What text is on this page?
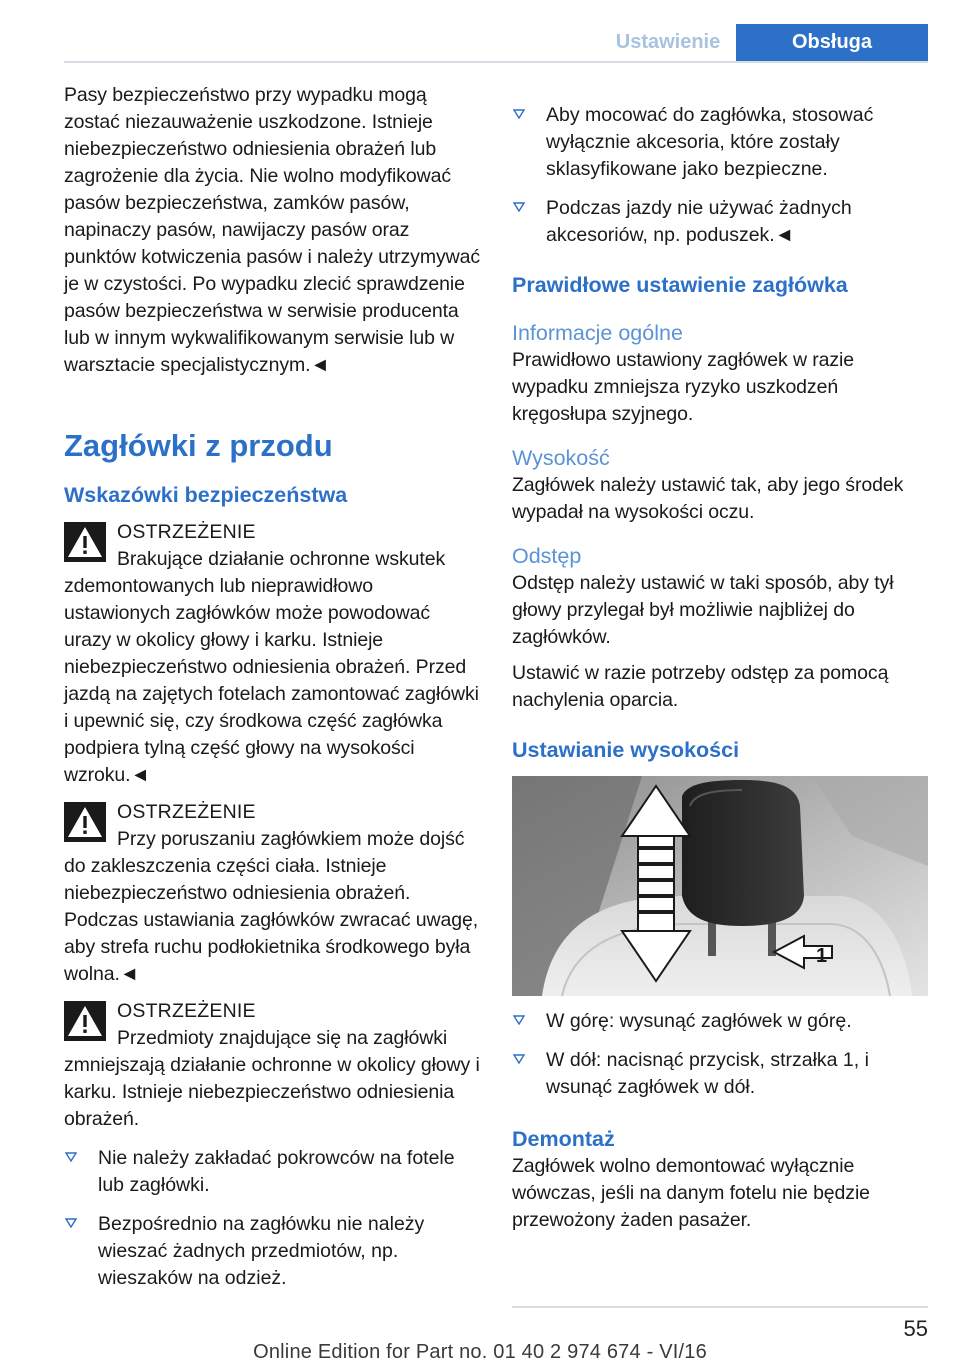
Ustawienie	Obsługa

Pasy bezpieczeństwo przy wypadku mogą zostać niezauważenie uszkodzone. Istnieje niebezpieczeństwo odniesienia obrażeń lub zagrożenie dla życia. Nie wolno modyfikować pasów bezpieczeństwa, zamków pasów, napinaczy pasów, nawijaczy pasów oraz punktów kotwiczenia pasów i należy utrzymywać je w czystości. Po wypadku zlecić sprawdzenie pasów bezpieczeństwa w serwisie producenta lub w innym wykwalifikowanym serwisie lub w warsztacie specjalistycznym.◄

Zagłówki z przodu
Wskazówki bezpieczeństwa
OSTRZEŻENIE

Brakujące działanie ochronne wskutek zdemontowanych lub nieprawidłowo ustawionych zagłówków może powodować urazy w okolicy głowy i karku. Istnieje niebezpieczeństwo odniesienia obrażeń. Przed jazdą na zajętych fotelach zamontować zagłówki i upewnić się, czy środkowa część zagłówka podpiera tylną część głowy na wysokości wzroku.◄

OSTRZEŻENIE

Przy poruszaniu zagłówkiem może dojść do zakleszczenia części ciała. Istnieje niebezpieczeństwo odniesienia obrażeń. Podczas ustawiania zagłówków zwracać uwagę, aby strefa ruchu podłokietnika środkowego była wolna.◄

OSTRZEŻENIE

Przedmioty znajdujące się na zagłówki zmniejszają działanie ochronne w okolicy głowy i karku. Istnieje niebezpieczeństwo odniesienia obrażeń.

Nie należy zakładać pokrowców na fotele lub zagłówki.
Bezpośrednio na zagłówku nie należy wieszać żadnych przedmiotów, np. wieszaków na odzież.
Aby mocować do zagłówka, stosować wyłącznie akcesoria, które zostały sklasyfikowane jako bezpieczne.
Podczas jazdy nie używać żadnych akcesoriów, np. poduszek.◄
Prawidłowe ustawienie zagłówka
Informacje ogólne

Prawidłowo ustawiony zagłówek w razie wypadku zmniejsza ryzyko uszkodzeń kręgosłupa szyjnego.

Wysokość

Zagłówek należy ustawić tak, aby jego środek wypadał na wysokości oczu.

Odstęp

Odstęp należy ustawić w taki sposób, aby tył głowy przylegał był możliwie najbliżej do zagłówków.

Ustawić w razie potrzeby odstęp za pomocą nachylenia oparcia.

Ustawianie wysokości
1
W górę: wysunąć zagłówek w górę.
W dół: nacisnąć przycisk, strzałka 1, i wsunąć zagłówek w dół.
Demontaż

Zagłówek wolno demontować wyłącznie wówczas, jeśli na danym fotelu nie będzie przewożony żaden pasażer.

55
Online Edition for Part no. 01 40 2 974 674 - VI/16
